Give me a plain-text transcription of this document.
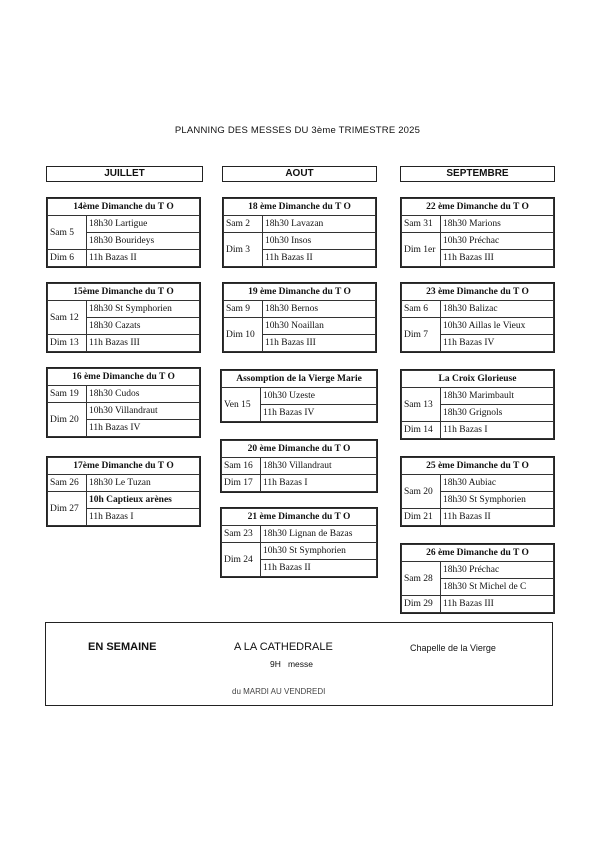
PLANNING DES MESSES DU 3ème TRIMESTRE 2025
JUILLET	AOUT	SEPTEMBRE
14ème Dimanche du T O	
Sam 5	18h30 Lartigue
	18h30 Bourideys
Dim 6	11h Bazas II
15ème Dimanche du T O	
Sam 12	18h30 St Symphorien
	18h30 Cazats
Dim 13	11h Bazas III
16 ème Dimanche du T O	
Sam 19	18h30 Cudos
Dim 20	10h30 Villandraut
	11h Bazas IV
17ème Dimanche du T O	
Sam 26	18h30 Le Tuzan
Dim 27	10h Captieux arènes
	11h Bazas I
18 ème Dimanche du T O	
Sam 2	18h30 Lavazan
Dim 3	10h30 Insos
	11h Bazas II
19 ème Dimanche du T O	
Sam 9	18h30 Bernos
Dim 10	10h30 Noaillan
	11h Bazas III
Assomption de la Vierge Marie
Ven 15	10h30 Uzeste
11h Bazas IV
20 ème Dimanche du T O	
Sam 16	18h30 Villandraut
Dim 17	11h Bazas I
21 ème Dimanche du T O	
Sam 23	18h30 Lignan de Bazas
Dim 24	10h30 St Symphorien
	11h Bazas II
22 ème Dimanche du T O	
Sam 31	18h30 Marions
Dim 1er	10h30 Préchac
	11h Bazas III
23 ème Dimanche du T O	
Sam 6	18h30 Balizac
Dim 7	10h30 Aillas le Vieux
	11h Bazas IV
La Croix Glorieuse	
Sam 13	18h30 Marimbault
	18h30 Grignols
Dim 14	11h Bazas I
25 ème Dimanche du T O	
Sam 20	18h30 Aubiac
	18h30 St Symphorien
Dim 21	11h Bazas II
26 ème Dimanche du T O	
Sam 28	18h30 Préchac
	18h30 St Michel de C
Dim 29	11h Bazas III
EN SEMAINE	A LA CATHEDRALE	Chapelle de la Vierge
9H   messe
du MARDI AU VENDREDI
